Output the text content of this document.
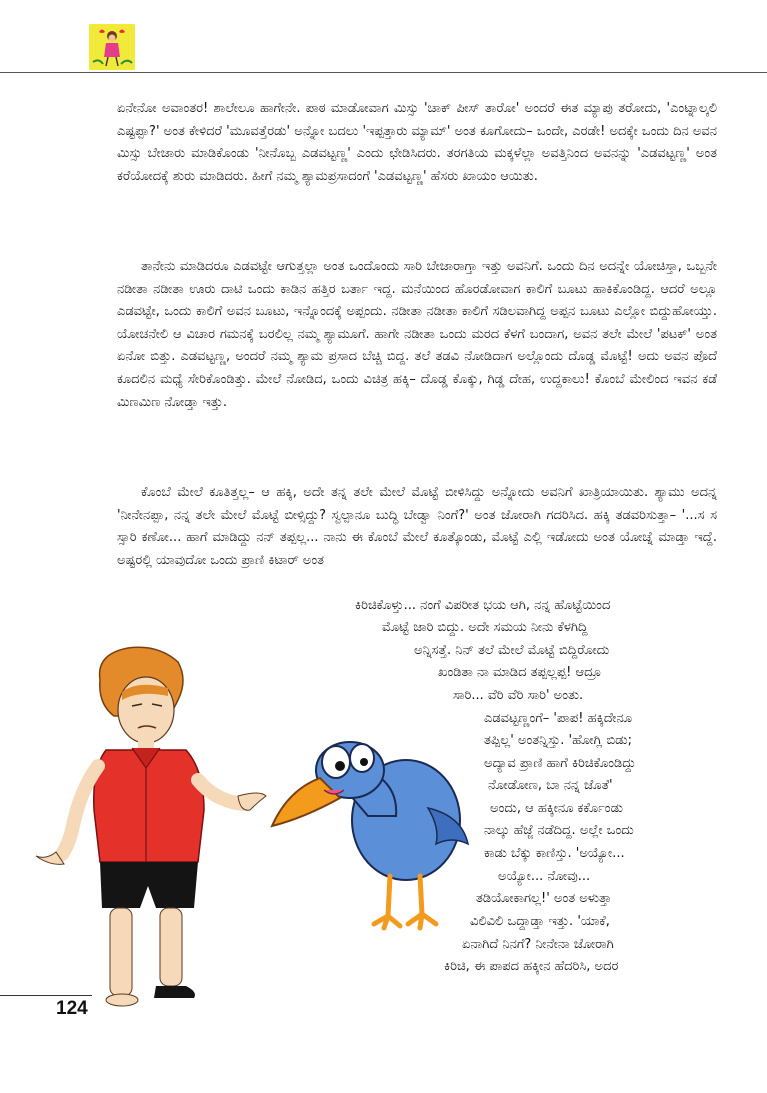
ಏನೇನೋ ಅವಾಂತರ! ಶಾಲೇಲೂ ಹಾಗೇನೇ. ಪಾಠ ಮಾಡೋವಾಗ ಮಿಸ್ಸು 'ಚಾಕ್ ಪೀಸ್ ತಾರೋ' ಅಂದರೆ ಈತ ಮ್ಯಾಪು ತರೋದು, 'ಎಂಟ್ನಾಲ್ಕಲಿ ಎಷ್ಟಪ್ಪಾ?' ಅಂತ ಕೇಳಿದರೆ 'ಮೂವತ್ತೆರಡು' ಅನ್ನೋ ಬದಲು 'ಇಪ್ಪತ್ತಾರು ಮ್ಯಾಮ್' ಅಂತ ಕೂಗೋದು– ಒಂದೇ, ಎರಡೇ! ಅದಕ್ಕೇ ಒಂದು ದಿನ ಅವನ ಮಿಸ್ಸು ಬೇಜಾರು ಮಾಡಿಕೊಂಡು 'ನೀನೊಬ್ಬ ಎಡವಟ್ಟಣ್ಣ' ಎಂದು ಛೇಡಿಸಿದರು. ತರಗತಿಯ ಮಕ್ಕಳೆಲ್ಲಾ ಅವತ್ತಿನಿಂದ ಅವನನ್ನು 'ಎಡವಟ್ಟಣ್ಣ' ಅಂತ ಕರೆಯೋದಕ್ಕೆ ಶುರು ಮಾಡಿದರು. ಹೀಗೆ ನಮ್ಮ ಶ್ಯಾಮಪ್ರಸಾದಂಗೆ 'ಎಡವಟ್ಟಣ್ಣ' ಹೆಸರು ಖಾಯಂ ಆಯಿತು.

ತಾನೇನು ಮಾಡಿದರೂ ಎಡವಟ್ಟೇ ಆಗುತ್ತಲ್ಲಾ ಅಂತ ಒಂದೊಂದು ಸಾರಿ ಬೇಜಾರಾಗ್ತಾ ಇತ್ತು ಅವನಿಗೆ. ಒಂದು ದಿನ ಅದನ್ನೇ ಯೋಚಿಸ್ತಾ, ಒಬ್ಬನೇ ನಡೀತಾ ನಡೀತಾ ಊರು ದಾಟಿ ಒಂದು ಕಾಡಿನ ಹತ್ತಿರ ಬರ್ತಾ ಇದ್ದ. ಮನೆಯಿಂದ ಹೊರಡೋವಾಗ ಕಾಲಿಗೆ ಬೂಟು ಹಾಕಿಕೊಂಡಿದ್ದ. ಆದರೆ ಅಲ್ಲೂ ಎಡವಟ್ಟೇ, ಒಂದು ಕಾಲಿಗೆ ಅವನ ಬೂಟು, ಇನ್ನೊಂದಕ್ಕೆ ಅಪ್ಪಂದು. ನಡೀತಾ ನಡೀತಾ ಕಾಲಿಗೆ ಸಡಿಲವಾಗಿದ್ದ ಅಪ್ಪನ ಬೂಟು ಎಲ್ಲೋ ಬಿದ್ದುಹೋಯ್ತು. ಯೋಚನೇಲಿ ಆ ವಿಚಾರ ಗಮನಕ್ಕೆ ಬರಲಿಲ್ಲ ನಮ್ಮ ಶ್ಯಾಮೂಗೆ. ಹಾಗೇ ನಡೀತಾ ಒಂದು ಮರದ ಕೆಳಗೆ ಬಂದಾಗ, ಅವನ ತಲೇ ಮೇಲೆ 'ಪಟಕ್' ಅಂತ ಏನೋ ಬಿತ್ತು. ಎಡವಟ್ಟಣ್ಣ, ಅಂದರೆ ನಮ್ಮ ಶ್ಯಾಮ ಪ್ರಸಾದ ಬೆಚ್ಚಿ ಬಿದ್ದ. ತಲೆ ತಡವಿ ನೋಡಿದಾಗ ಅಲ್ಲೊಂದು ದೊಡ್ಡ ಮೊಟ್ಟೆ! ಅದು ಅವನ ಪೊದೆ ಕೂದಲಿನ ಮಧ್ಯೆ ಸೇರಿಕೊಂಡಿತ್ತು. ಮೇಲೆ ನೋಡಿದ, ಒಂದು ವಿಚಿತ್ರ ಹಕ್ಕಿ– ದೊಡ್ಡ ಕೊಕ್ಕು, ಗಿಡ್ಡ ದೇಹ, ಉದ್ದಕಾಲು! ಕೊಂಬೆ ಮೇಲಿಂದ ಇವನ ಕಡೆ ಮಿಣಮಿಣ ನೋಡ್ತಾ ಇತ್ತು.

ಕೊಂಬೆ ಮೇಲೆ ಕೂತಿತ್ತಲ್ಲ– ಆ ಹಕ್ಕಿ, ಅದೇ ತನ್ನ ತಲೇ ಮೇಲೆ ಮೊಟ್ಟೆ ಬೀಳಿಸಿದ್ದು ಅನ್ನೋದು ಅವನಿಗೆ ಖಾತ್ರಿಯಾಯಿತು. ಶ್ಯಾಮು ಅದನ್ನ 'ನೀನೇನಪ್ಪಾ, ನನ್ನ ತಲೇ ಮೇಲೆ ಮೊಟ್ಟೆ ಬೀಳ್ಸಿದ್ದು? ಸ್ವಲ್ಪಾನೂ ಬುದ್ಧಿ ಬೇಡ್ವಾ ನಿಂಗೆ?' ಅಂತ ಜೋರಾಗಿ ಗದರಿಸಿದ. ಹಕ್ಕಿ ತಡವರಿಸುತ್ತಾ– '...ಸ ಸ ಸ್ಸಾರಿ ಕಣೋ... ಹಾಗೆ ಮಾಡಿದ್ದು ನನ್ ತಪ್ಪಲ್ಲ... ನಾನು ಈ ಕೊಂಬೆ ಮೇಲೆ ಕೂತ್ಕೊಂಡು, ಮೊಟ್ಟೆ ಎಲ್ಲಿ ಇಡೋದು ಅಂತ ಯೋಚ್ನೆ ಮಾಡ್ತಾ ಇದ್ದೆ. ಅಷ್ಟರಲ್ಲಿ ಯಾವುದೋ ಒಂದು ಪ್ರಾಣಿ ಕಿಟಾರ್ ಅಂತ

ಕಿರಿಚಿಕೊಳ್ತು... ನಂಗೆ ವಿಪರೀತ ಭಯ ಆಗಿ, ನನ್ನ ಹೊಟ್ಟೆಯಿಂದ
ಮೊಟ್ಟೆ ಜಾರಿ ಬಿದ್ದು. ಅದೇ ಸಮಯ ನೀನು ಕೆಳಗಿದ್ದಿ
ಅನ್ನಿಸತ್ತೆ. ನಿನ್ ತಲೆ ಮೇಲೆ ಮೊಟ್ಟೆ ಬಿದ್ದಿರೋದು
ಖಂಡಿತಾ ನಾ ಮಾಡಿದ ತಪ್ಪಲ್ಲಪ್ಪ! ಆದ್ರೂ
ಸಾರಿ... ವೆರಿ ವೆರಿ ಸಾರಿ' ಅಂತು.
ಎಡವಟ್ಟಣ್ಣಂಗೆ– 'ಪಾಪ! ಹಕ್ಕಿದೇನೂ
ತಪ್ಪಿಲ್ಲ' ಅಂತನ್ನಿಸ್ತು. 'ಹೋಗ್ಲಿ ಬಿಡು;
ಅದ್ಯಾವ ಪ್ರಾಣಿ ಹಾಗೆ ಕಿರಿಚಿಕೊಂಡಿದ್ದು
ನೋಡೋಣ, ಬಾ ನನ್ನ ಜೊತೆ'
ಅಂದು, ಆ ಹಕ್ಕೀನೂ ಕರ್ಕೊಂಡು
ನಾಲ್ಕು ಹೆಜ್ಜೆ ನಡೆದಿದ್ದ. ಅಲ್ಲೇ ಒಂದು
ಕಾಡು ಬೆಕ್ಕು ಕಾಣಿಸ್ತು. 'ಅಯ್ಯೋ...
ಅಯ್ಯೋ... ನೋವು...
ತಡಿಯೋಕಾಗಲ್ಲ!' ಅಂತ ಅಳುತ್ತಾ
ವಿಲಿವಿಲಿ ಒದ್ದಾಡ್ತಾ ಇತ್ತು. 'ಯಾಕೆ,
ಏನಾಗಿದೆ ನಿನಗೆ? ನೀನೇನಾ ಜೋರಾಗಿ
ಕಿರಿಚಿ, ಈ ಪಾಪದ ಹಕ್ಕೀನ ಹೆದರಿಸಿ, ಅದರ
124
